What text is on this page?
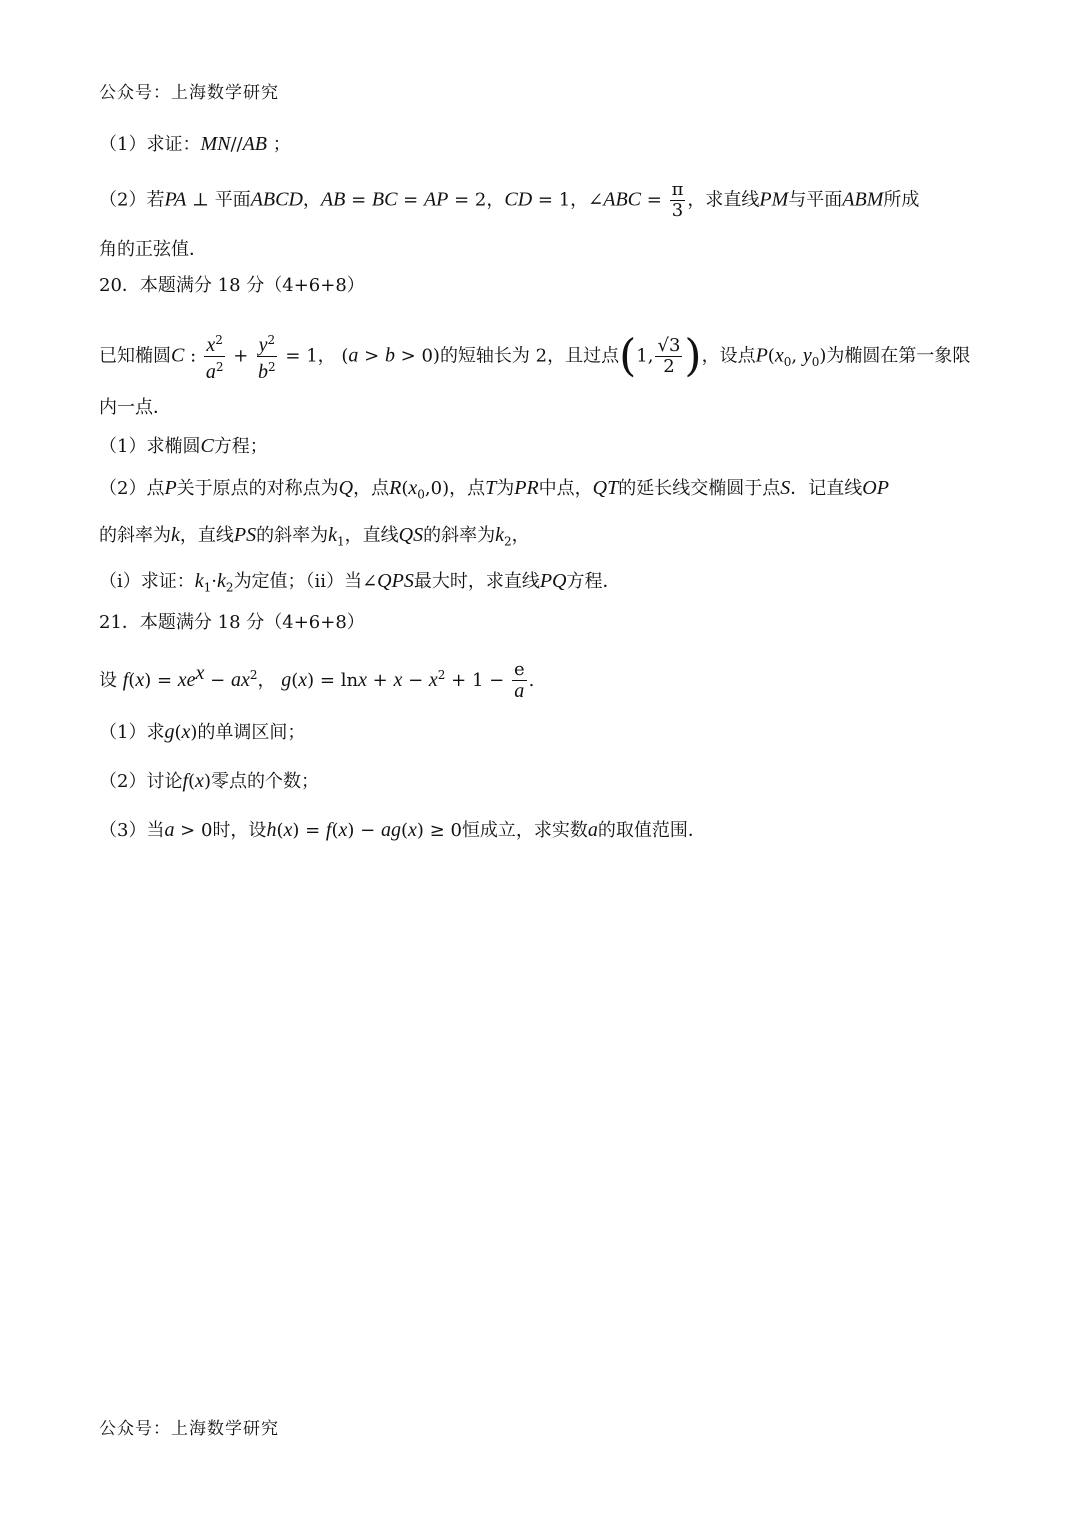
公众号：上海数学研究
（1）求证：MN//AB ；
（2）若PA ⊥ 平面ABCD，AB = BC = AP = 2，CD = 1，∠ABC = $\frac{\pi}{3}$ ，求直线PM与平面ABM所成
角的正弦值．
20．本题满分 18 分（4+6+8）
已知椭圆C : $\frac{x^2}{a^2} + \frac{y^2}{b^2} = 1$， (a > b > 0)的短轴长为 2，且过点(1, $\frac{√3}{2}$ )，设点$P(x_0$, $y_0$)为椭圆在第一象限
内一点．
（1）求椭圆C方程；
（2）点P关于原点的对称点为Q，点$R(x_0,0)$，点T为PR中点，QT的延长线交椭圆于点S．记直线OP
的斜率为k，直线PS的斜率为$k_1$，直线QS的斜率为$k_2$，
（ⅰ）求证：$k_1\cdot k_2$为定值；（ⅱ）当∠QPS最大时，求直线PQ方程．
21．本题满分 18 分（4+6+8）
设 $f(x) = xe^x - ax^2$， $g(x) = \ln x + x - x^2 + 1 - \frac{e}{a}$ .
（1）求g(x)的单调区间；
（2）讨论f(x)零点的个数；
（3）当a > 0时，设h(x) = f(x) − ag(x) ≥ 0恒成立，求实数a的取值范围．
公众号：上海数学研究
